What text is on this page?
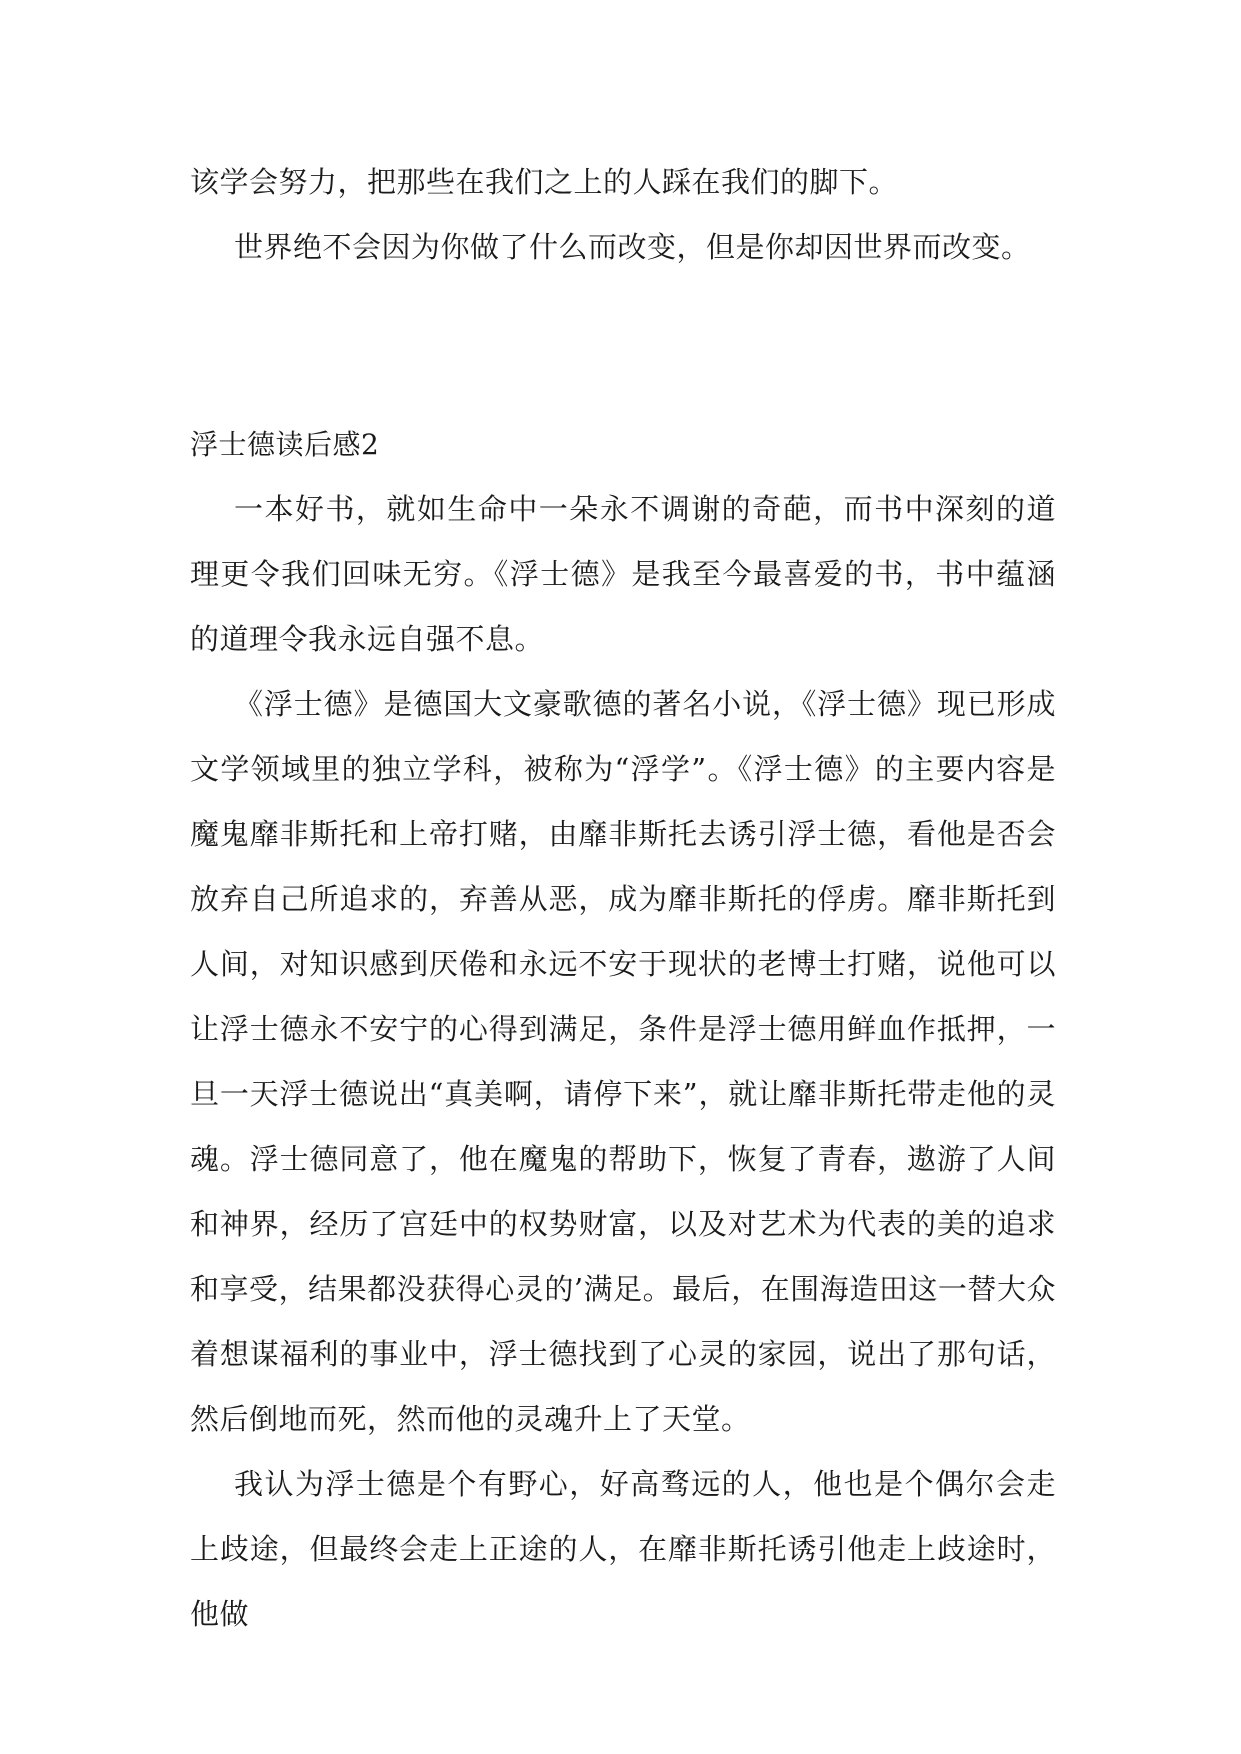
该学会努力，把那些在我们之上的人踩在我们的脚下。

世界绝不会因为你做了什么而改变，但是你却因世界而改变。

浮士德读后感2

一本好书，就如生命中一朵永不调谢的奇葩，而书中深刻的道理更令我们回味无穷。《浮士德》是我至今最喜爱的书，书中蕴涵的道理令我永远自强不息。

《浮士德》是德国大文豪歌德的著名小说，《浮士德》现已形成文学领域里的独立学科，被称为“浮学”。《浮士德》的主要内容是魔鬼靡非斯托和上帝打赌，由靡非斯托去诱引浮士德，看他是否会放弃自己所追求的，弃善从恶，成为靡非斯托的俘虏。靡非斯托到人间，对知识感到厌倦和永远不安于现状的老博士打赌，说他可以让浮士德永不安宁的心得到满足，条件是浮士德用鲜血作抵押，一旦一天浮士德说出“真美啊，请停下来”，就让靡非斯托带走他的灵魂。浮士德同意了，他在魔鬼的帮助下，恢复了青春，遨游了人间和神界，经历了宫廷中的权势财富，以及对艺术为代表的美的追求和享受，结果都没获得心灵的’满足。最后，在围海造田这一替大众着想谋福利的事业中，浮士德找到了心灵的家园，说出了那句话，然后倒地而死，然而他的灵魂升上了天堂。

我认为浮士德是个有野心，好高骛远的人，他也是个偶尔会走上歧途，但最终会走上正途的人，在靡非斯托诱引他走上歧途时，他做
